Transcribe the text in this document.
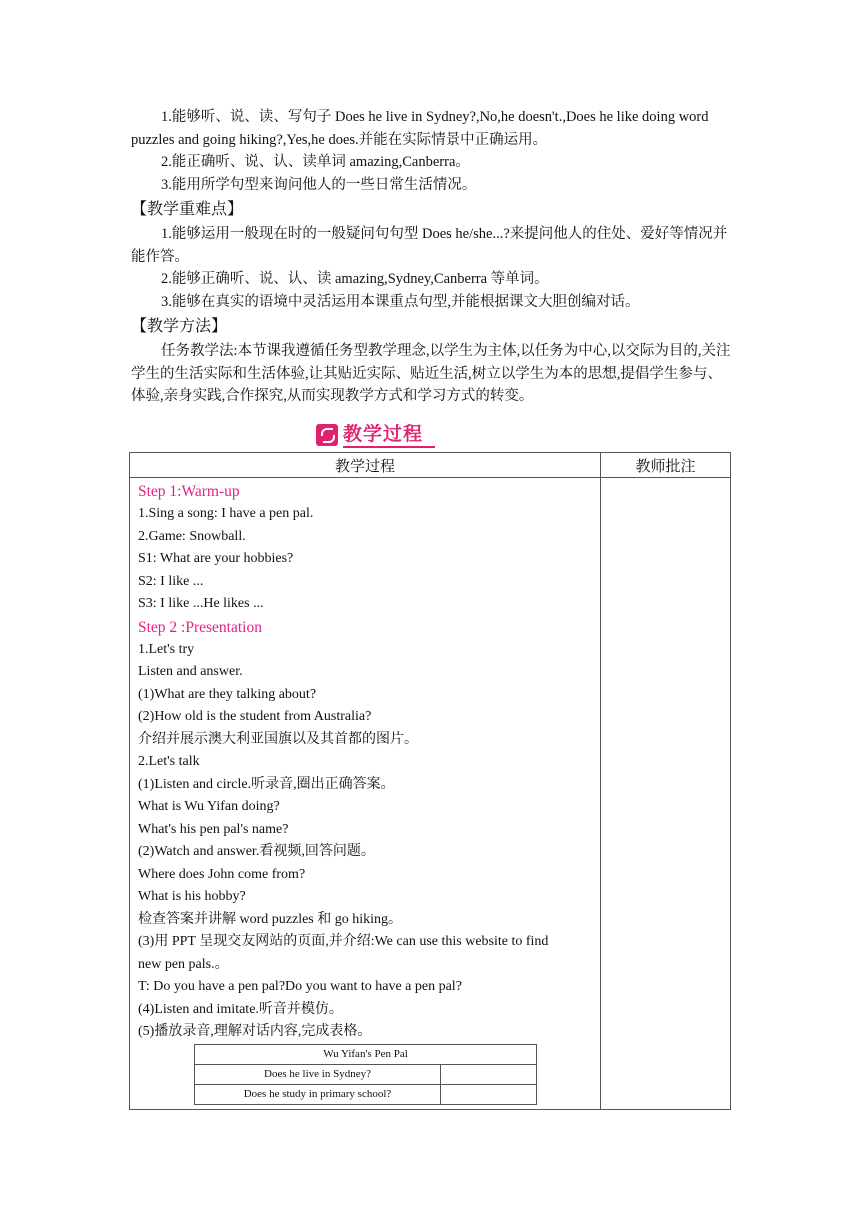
1.能够听、说、读、写句子 Does he live in Sydney?,No,he doesn't.,Does he like doing word puzzles and going hiking?,Yes,he does.并能在实际情景中正确运用。

2.能正确听、说、认、读单词 amazing,Canberra。

3.能用所学句型来询问他人的一些日常生活情况。

【教学重难点】

1.能够运用一般现在时的一般疑问句句型 Does he/she...?来提问他人的住处、爱好等情况并能作答。

2.能够正确听、说、认、读 amazing,Sydney,Canberra 等单词。

3.能够在真实的语境中灵活运用本课重点句型,并能根据课文大胆创编对话。

【教学方法】

任务教学法:本节课我遵循任务型教学理念,以学生为主体,以任务为中心,以交际为目的,关注学生的生活实际和生活体验,让其贴近实际、贴近生活,树立以学生为本的思想,提倡学生参与、体验,亲身实践,合作探究,从而实现教学方式和学习方式的转变。

教学过程
教学过程	教师批注

Step 1:Warm-up
1.Sing a song: I have a pen pal.
2.Game: Snowball.
S1: What are your hobbies?
S2: I like ...
S3: I like ...He likes ...
Step 2 :Presentation
1.Let's try
Listen and answer.
(1)What are they talking about?
(2)How old is the student from Australia?
介绍并展示澳大利亚国旗以及其首都的图片。
2.Let's talk
(1)Listen and circle.听录音,圈出正确答案。
What is Wu Yifan doing?
What's his pen pal's name?
(2)Watch and answer.看视频,回答问题。
Where does John come from?
What is his hobby?
检查答案并讲解 word puzzles 和 go hiking。
(3)用 PPT 呈现交友网站的页面,并介绍:We can use this website to find
new pen pals.。
T: Do you have a pen pal?Do you want to have a pen pal?
(4)Listen and imitate.听音并模仿。
(5)播放录音,理解对话内容,完成表格。
Wu Yifan's Pen Pal
Does he live in Sydney?	
Does he study in primary school?	
